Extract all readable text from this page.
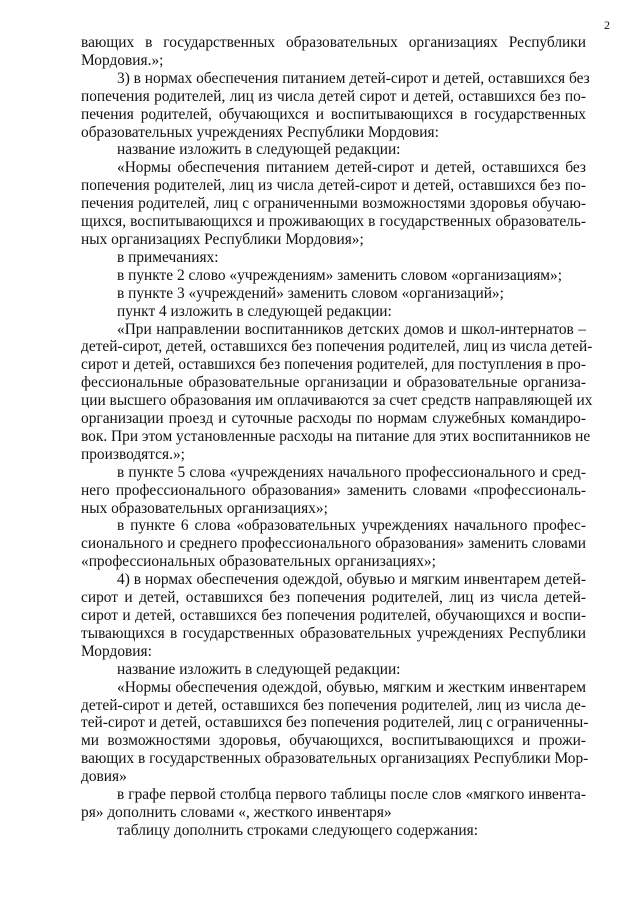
2

вающих в государственных образовательных организациях Республики
Мордовия.»;

3) в нормах обеспечения питанием детей-сирот и детей, оставшихся без
попечения родителей, лиц из числа детей сирот и детей, оставшихся без по-
печения родителей, обучающихся и воспитывающихся в государственных
образовательных учреждениях Республики Мордовия:

название изложить в следующей редакции:

«Нормы обеспечения питанием детей-сирот и детей, оставшихся без
попечения родителей, лиц из числа детей-сирот и детей, оставшихся без по-
печения родителей, лиц с ограниченными возможностями здоровья обучаю-
щихся, воспитывающихся и проживающих в государственных образователь-
ных организациях Республики Мордовия»;

в примечаниях:

в пункте 2 слово «учреждениям» заменить словом «организациям»;

в пункте 3 «учреждений» заменить словом «организаций»;

пункт 4 изложить в следующей редакции:

«При направлении воспитанников детских домов и школ-интернатов –
детей-сирот, детей, оставшихся без попечения родителей, лиц из числа детей-
сирот и детей, оставшихся без попечения родителей, для поступления в про-
фессиональные образовательные организации и образовательные организа-
ции высшего образования им оплачиваются за счет средств направляющей их
организации проезд и суточные расходы по нормам служебных командиро-
вок. При этом установленные расходы на питание для этих воспитанников не
производятся.»;

в пункте 5 слова «учреждениях начального профессионального и сред-
него профессионального образования» заменить словами «профессиональ-
ных образовательных организациях»;

в пункте 6 слова «образовательных учреждениях начального профес-
сионального и среднего профессионального образования» заменить словами
«профессиональных образовательных организациях»;

4) в нормах обеспечения одеждой, обувью и мягким инвентарем детей-
сирот и детей, оставшихся без попечения родителей, лиц из числа детей-
сирот и детей, оставшихся без попечения родителей, обучающихся и воспи-
тывающихся в государственных образовательных учреждениях Республики
Мордовия:

название изложить в следующей редакции:

«Нормы обеспечения одеждой, обувью, мягким и жестким инвентарем
детей-сирот и детей, оставшихся без попечения родителей, лиц из числа де-
тей-сирот и детей, оставшихся без попечения родителей, лиц с ограниченны-
ми возможностями здоровья, обучающихся, воспитывающихся и прожи-
вающих в государственных образовательных организациях Республики Мор-
довия»

в графе первой столбца первого таблицы после слов «мягкого инвента-
ря» дополнить словами «, жесткого инвентаря»

таблицу дополнить строками следующего содержания:
